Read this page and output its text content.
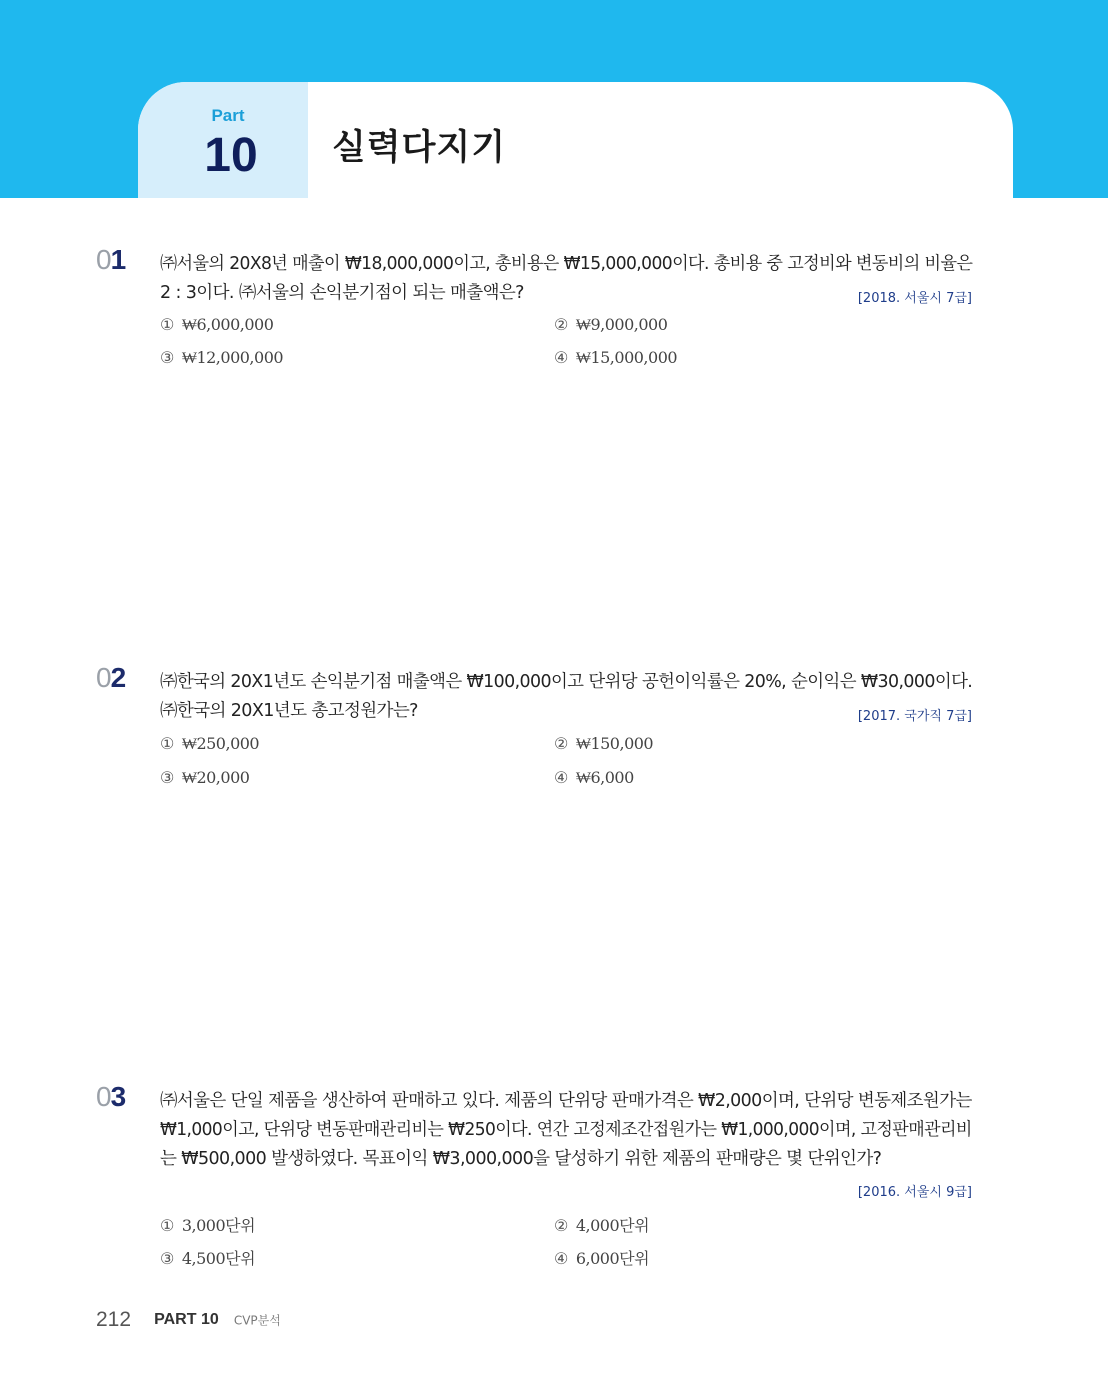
Part
10	실력다지기
01 ㈜서울의 20X8년 매출이 ₩18,000,000이고, 총비용은 ₩15,000,000이다. 총비용 중 고정비와 변동비의 비율은
2 : 3이다. ㈜서울의 손익분기점이 되는 매출액은?	[2018. 서울시 7급]
① ₩6,000,000	② ₩9,000,000
③ ₩12,000,000	④ ₩15,000,000
02 ㈜한국의 20X1년도 손익분기점 매출액은 ₩100,000이고 단위당 공헌이익률은 20%, 순이익은 ₩30,000이다.
㈜한국의 20X1년도 총고정원가는?	[2017. 국가직 7급]
① ₩250,000	② ₩150,000
③ ₩20,000	④ ₩6,000
03 ㈜서울은 단일 제품을 생산하여 판매하고 있다. 제품의 단위당 판매가격은 ₩2,000이며, 단위당 변동제조원가는 ₩1,000이고, 단위당 변동판매관리비는 ₩250이다. 연간 고정제조간접원가는 ₩1,000,000이며, 고정판매관리비
는 ₩500,000 발생하였다. 목표이익 ₩3,000,000을 달성하기 위한 제품의 판매량은 몇 단위인가?
[2016. 서울시 9급]
① 3,000단위	② 4,000단위
③ 4,500단위	④ 6,000단위
212 PART 10 CVP분석
